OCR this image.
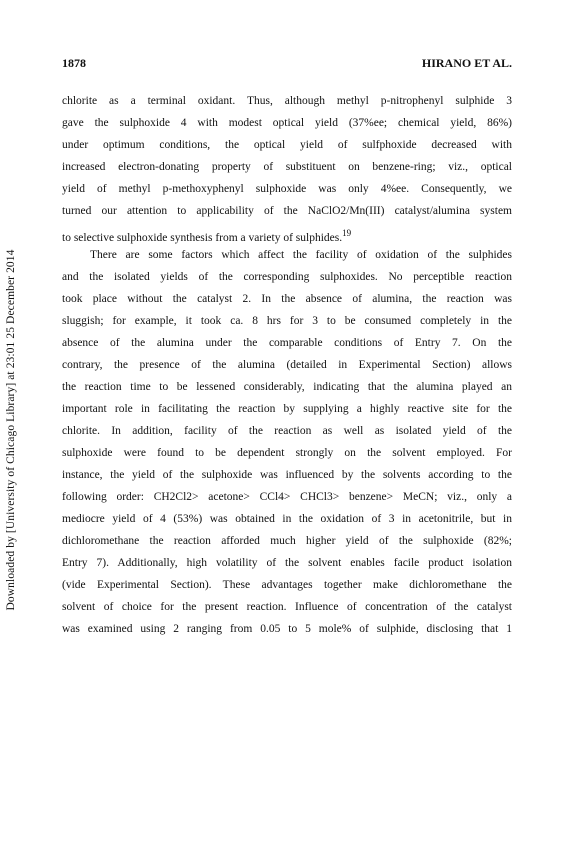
Downloaded by [University of Chicago Library] at 23:01 25 December 2014
1878	HIRANO ET AL.

chlorite as a terminal oxidant. Thus, although methyl p-nitrophenyl sulphide 3
gave the sulphoxide 4 with modest optical yield (37%ee; chemical yield, 86%)
under optimum conditions, the optical yield of sulfphoxide decreased with
increased electron-donating property of substituent on benzene-ring; viz., optical
yield of methyl p-methoxyphenyl sulphoxide was only 4%ee. Consequently, we
turned our attention to applicability of the NaClO2/Mn(III) catalyst/alumina system
to selective sulphoxide synthesis from a variety of sulphides.$^{19}$

There are some factors which affect the facility of oxidation of the sulphides
and the isolated yields of the corresponding sulphoxides. No perceptible reaction
took place without the catalyst 2. In the absence of alumina, the reaction was
sluggish; for example, it took ca. 8 hrs for 3 to be consumed completely in the
absence of the alumina under the comparable conditions of Entry 7. On the
contrary, the presence of the alumina (detailed in Experimental Section) allows
the reaction time to be lessened considerably, indicating that the alumina played an
important role in facilitating the reaction by supplying a highly reactive site for the
chlorite. In addition, facility of the reaction as well as isolated yield of the
sulphoxide were found to be dependent strongly on the solvent employed. For
instance, the yield of the sulphoxide was influenced by the solvents according to the
following order: CH2Cl2> acetone> CCl4> CHCl3> benzene> MeCN; viz., only a
mediocre yield of 4 (53%) was obtained in the oxidation of 3 in acetonitrile, but in
dichloromethane the reaction afforded much higher yield of the sulphoxide (82%;
Entry 7). Additionally, high volatility of the solvent enables facile product isolation
(vide Experimental Section). These advantages together make dichloromethane the
solvent of choice for the present reaction. Influence of concentration of the catalyst
was examined using 2 ranging from 0.05 to 5 mole% of sulphide, disclosing that 1
